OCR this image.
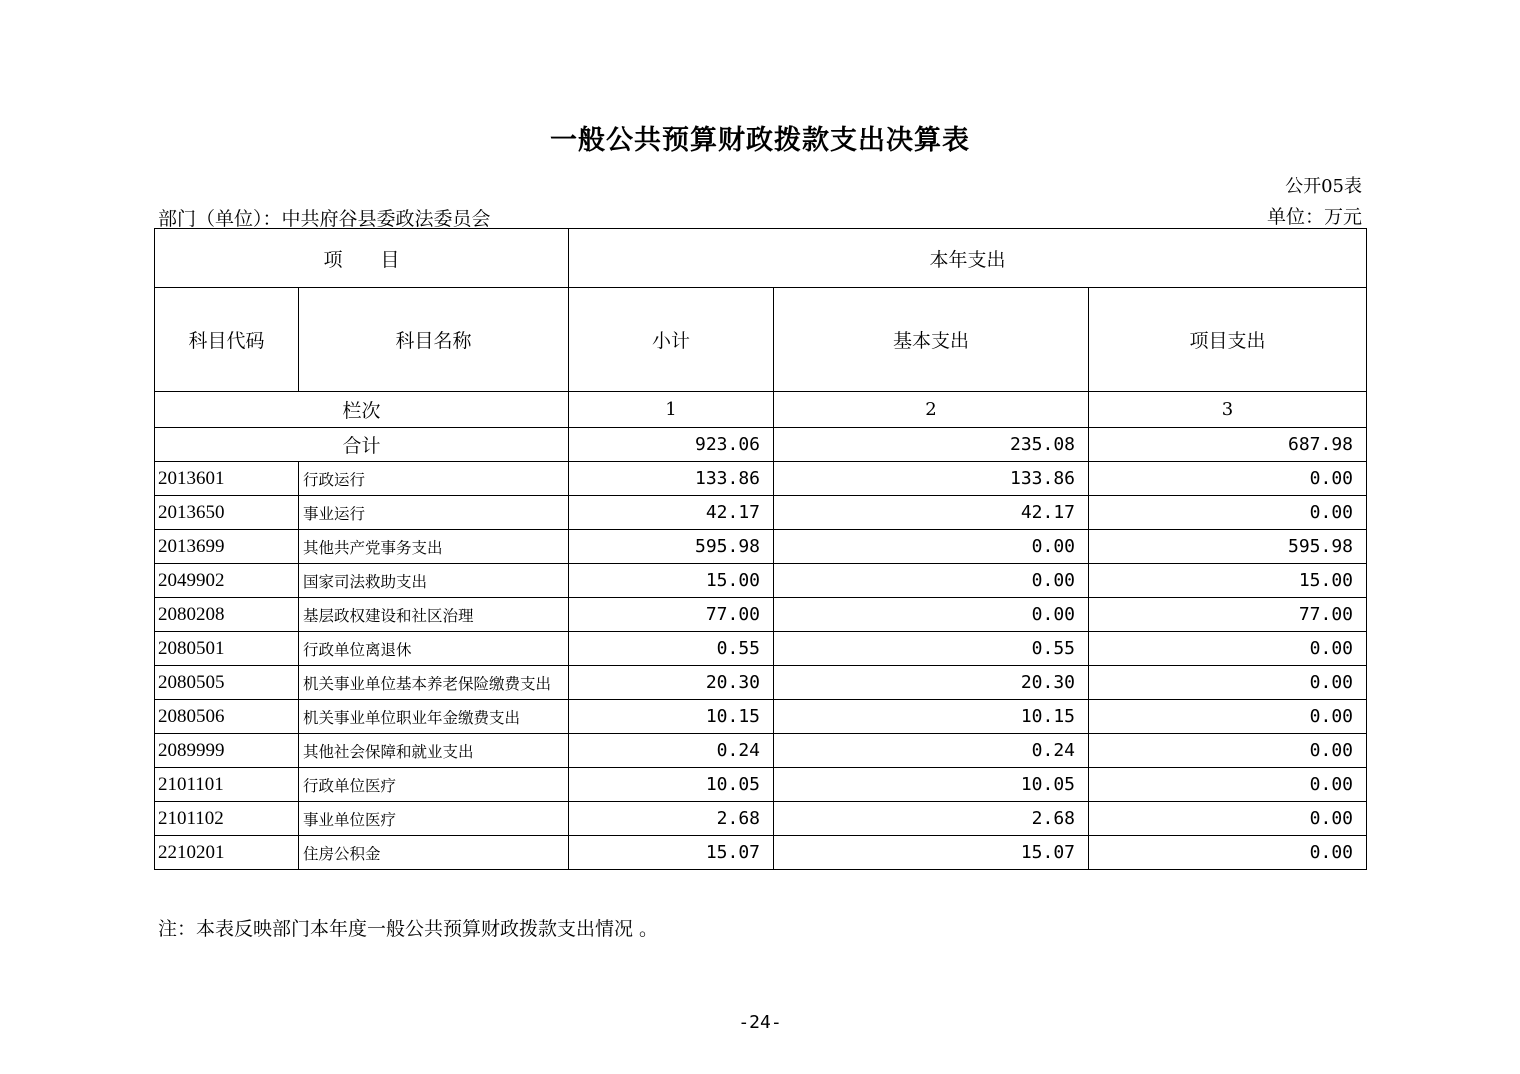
一般公共预算财政拨款支出决算表
公开05表
部门（单位）：中共府谷县委政法委员会	单位：万元
项　　目		本年支出		
科目代码	科目名称	小计	基本支出	项目支出
栏次		1	2	3
合计		923.06	235.08	687.98
2013601	行政运行	133.86	133.86	0.00
2013650	事业运行	42.17	42.17	0.00
2013699	其他共产党事务支出	595.98	0.00	595.98
2049902	国家司法救助支出	15.00	0.00	15.00
2080208	基层政权建设和社区治理	77.00	0.00	77.00
2080501	行政单位离退休	0.55	0.55	0.00
2080505	机关事业单位基本养老保险缴费支出	20.30	20.30	0.00
2080506	机关事业单位职业年金缴费支出	10.15	10.15	0.00
2089999	其他社会保障和就业支出	0.24	0.24	0.00
2101101	行政单位医疗	10.05	10.05	0.00
2101102	事业单位医疗	2.68	2.68	0.00
2210201	住房公积金	15.07	15.07	0.00
注：本表反映部门本年度一般公共预算财政拨款支出情况 。
-24-
